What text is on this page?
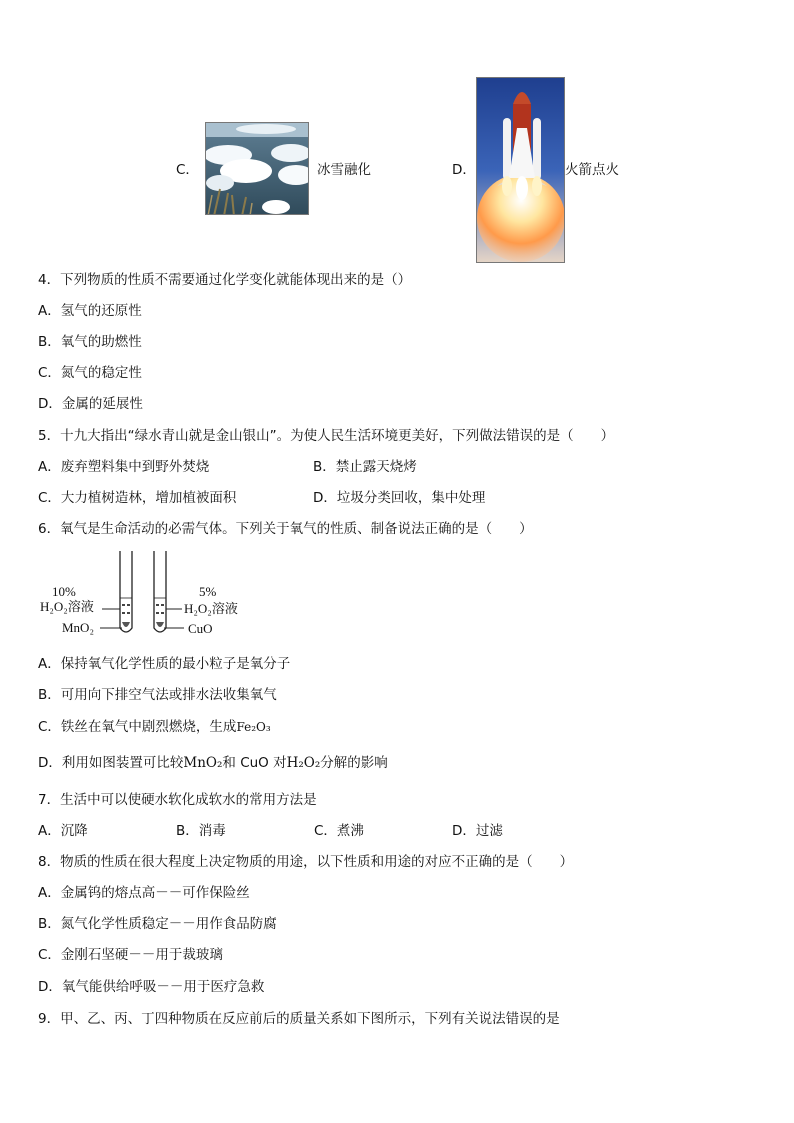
C．	冰雪融化	D．	火箭点火
4．下列物质的性质不需要通过化学变化就能体现出来的是（）
A．氢气的还原性
B．氧气的助燃性
C．氮气的稳定性
D．金属的延展性
5．十九大指出“绿水青山就是金山银山”。为使人民生活环境更美好，下列做法错误的是（　　）
A．废弃塑料集中到野外焚烧	B．禁止露天烧烤
C．大力植树造林，增加植被面积	D．垃圾分类回收，集中处理
6．氧气是生命活动的必需气体。下列关于氧气的性质、制备说法正确的是（　　）
10%
H₂O₂溶液
MnO₂
5%
H₂O₂溶液
CuO
A．保持氧气化学性质的最小粒子是氧分子
B．可用向下排空气法或排水法收集氧气
C．铁丝在氧气中剧烈燃烧，生成Fe₂O₃
D．利用如图装置可比较MnO₂和 CuO 对H₂O₂分解的影响
7．生活中可以使硬水软化成软水的常用方法是
A．沉降	B．消毒	C．煮沸	D．过滤
8．物质的性质在很大程度上决定物质的用途，以下性质和用途的对应不正确的是（　　）
A．金属钨的熔点高－－可作保险丝
B．氮气化学性质稳定－－用作食品防腐
C．金刚石坚硬－－用于裁玻璃
D．氧气能供给呼吸－－用于医疗急救
9．甲、乙、丙、丁四种物质在反应前后的质量关系如下图所示，下列有关说法错误的是
